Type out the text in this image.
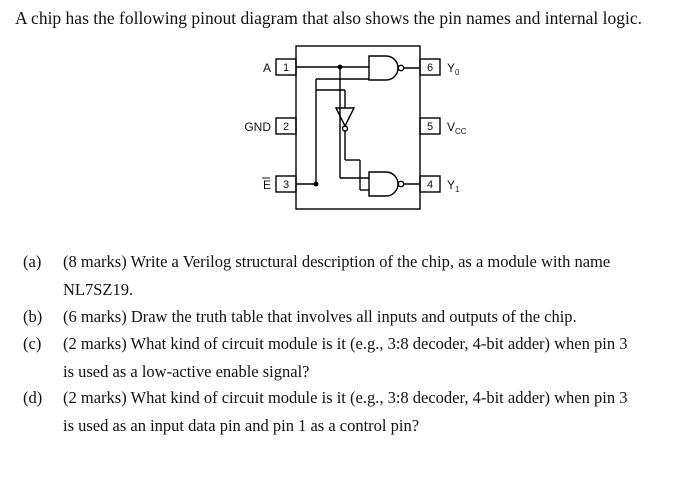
A chip has the following pinout diagram that also shows the pin names and internal logic.
1
2
3
6
5
4
A
GND
E
$Y_0$
$V_{CC}$
$Y_1$
(a) (8 marks) Write a Verilog structural description of the chip, as a module with name
NL7SZ19.
(b) (6 marks) Draw the truth table that involves all inputs and outputs of the chip.
(c) (2 marks) What kind of circuit module is it (e.g., 3:8 decoder, 4-bit adder) when pin 3
is used as a low-active enable signal?
(d) (2 marks) What kind of circuit module is it (e.g., 3:8 decoder, 4-bit adder) when pin 3
is used as an input data pin and pin 1 as a control pin?
